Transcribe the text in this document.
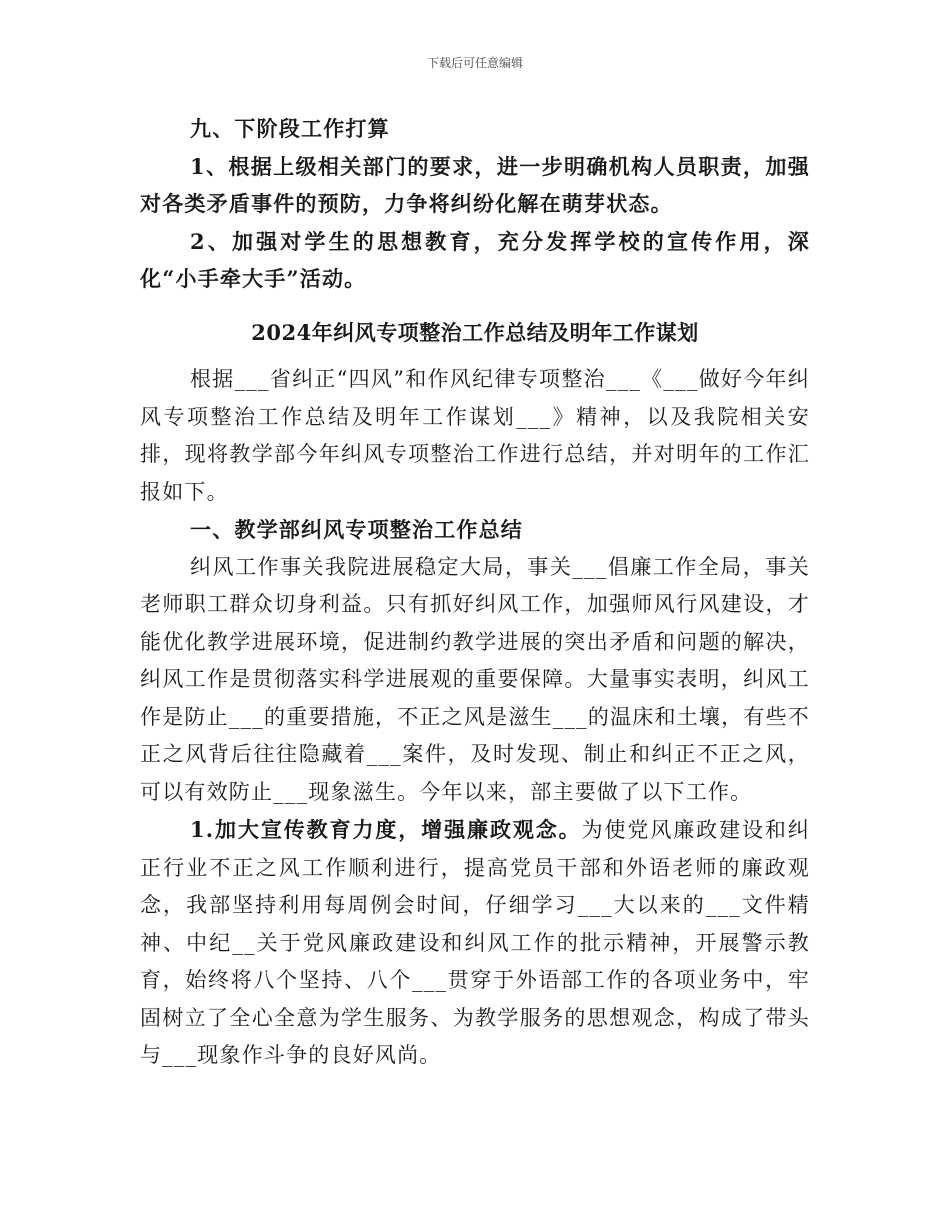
下载后可任意编辑

九、下阶段工作打算

1、根据上级相关部门的要求，进一步明确机构人员职责，加强对各类矛盾事件的预防，力争将纠纷化解在萌芽状态。

2、加强对学生的思想教育，充分发挥学校的宣传作用，深化“小手牵大手”活动。

2024年纠风专项整治工作总结及明年工作谋划

根据___省纠正“四风”和作风纪律专项整治___《___做好今年纠风专项整治工作总结及明年工作谋划___》精神，以及我院相关安排，现将教学部今年纠风专项整治工作进行总结，并对明年的工作汇报如下。

一、教学部纠风专项整治工作总结

纠风工作事关我院进展稳定大局，事关___倡廉工作全局，事关老师职工群众切身利益。只有抓好纠风工作，加强师风行风建设，才能优化教学进展环境，促进制约教学进展的突出矛盾和问题的解决，纠风工作是贯彻落实科学进展观的重要保障。大量事实表明，纠风工作是防止___的重要措施，不正之风是滋生___的温床和土壤，有些不正之风背后往往隐藏着___案件，及时发现、制止和纠正不正之风，可以有效防止___现象滋生。今年以来，部主要做了以下工作。

1.加大宣传教育力度，增强廉政观念。为使党风廉政建设和纠正行业不正之风工作顺利进行，提高党员干部和外语老师的廉政观念，我部坚持利用每周例会时间，仔细学习___大以来的___文件精神、中纪__关于党风廉政建设和纠风工作的批示精神，开展警示教育，始终将八个坚持、八个___贯穿于外语部工作的各项业务中，牢固树立了全心全意为学生服务、为教学服务的思想观念，构成了带头与___现象作斗争的良好风尚。
